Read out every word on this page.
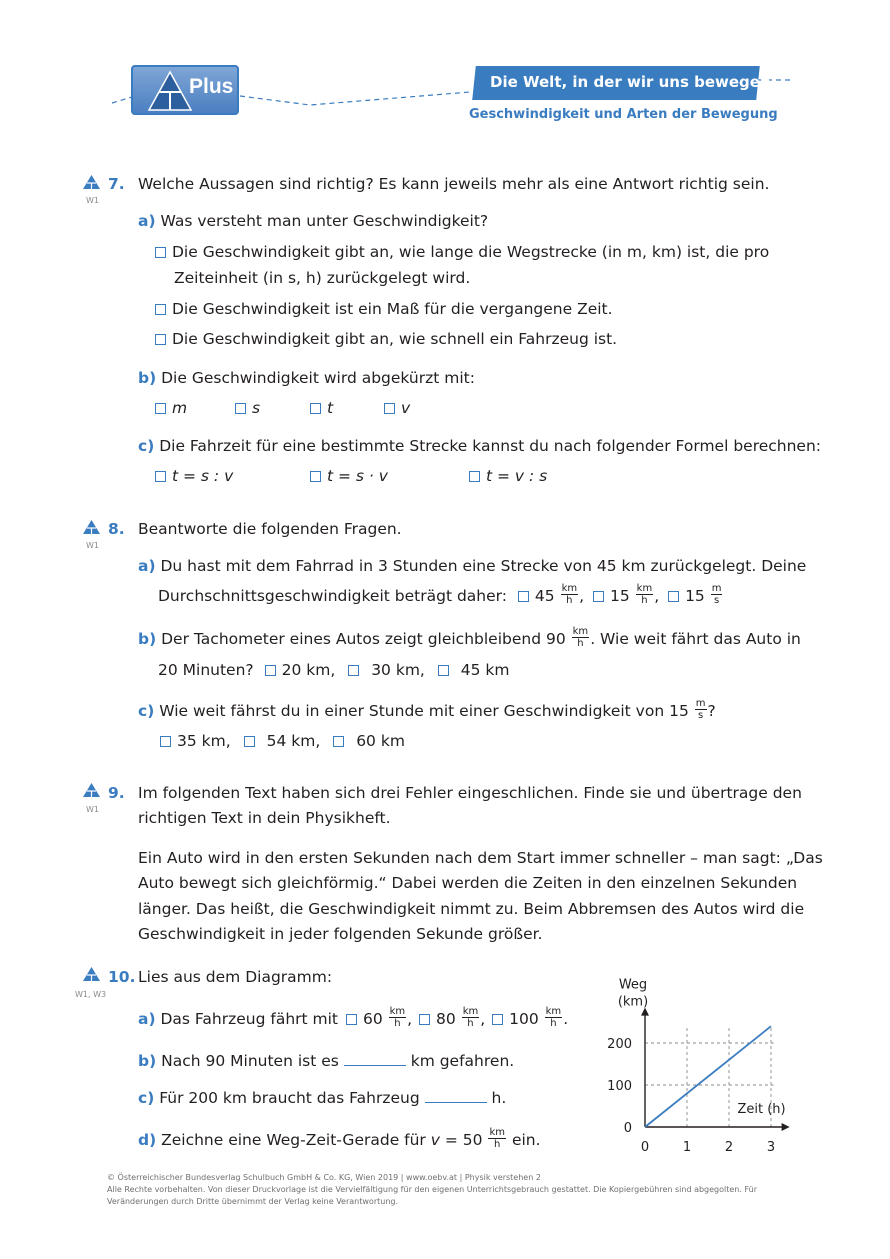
Plus	Die Welt, in der wir uns bewegen
Geschwindigkeit und Arten der Bewegung
W1
7. Welche Aussagen sind richtig? Es kann jeweils mehr als eine Antwort richtig sein.
a) Was versteht man unter Geschwindigkeit?
Die Geschwindigkeit gibt an, wie lange die Wegstrecke (in m, km) ist, die pro
Zeiteinheit (in s, h) zurückgelegt wird.
Die Geschwindigkeit ist ein Maß für die vergangene Zeit.
Die Geschwindigkeit gibt an, wie schnell ein Fahrzeug ist.
b) Die Geschwindigkeit wird abgekürzt mit:
m	s	t	v
c) Die Fahrzeit für eine bestimmte Strecke kannst du nach folgender Formel berechnen:
t = s : v	t = s · v	t = v : s
W1
8. Beantworte die folgenden Fragen.
a) Du hast mit dem Fahrrad in 3 Stunden eine Strecke von 45 km zurückgelegt. Deine
Durchschnittsgeschwindigkeit beträgt daher: $45 \frac{km}{h}$ , $15 \frac{km}{h}$ , $15 \frac{m}{s}$
b) Der Tachometer eines Autos zeigt gleichbleibend $90 \frac{km}{h}$ . Wie weit fährt das Auto in
20 Minuten? 20 km, 30 km, 45 km
c) Wie weit fährst du in einer Stunde mit einer Geschwindigkeit von $15 \frac{m}{s}$ ?
35 km, 54 km, 60 km
W1
9. Im folgenden Text haben sich drei Fehler eingeschlichen. Finde sie und übertrage den
richtigen Text in dein Physikheft.
Ein Auto wird in den ersten Sekunden nach dem Start immer schneller – man sagt: „Das
Auto bewegt sich gleichförmig.“ Dabei werden die Zeiten in den einzelnen Sekunden
länger. Das heißt, die Geschwindigkeit nimmt zu. Beim Abbremsen des Autos wird die
Geschwindigkeit in jeder folgenden Sekunde größer.
W1, W3
10. Lies aus dem Diagramm:
a) Das Fahrzeug fährt mit $60 \frac{km}{h}$ , $80 \frac{km}{h}$ , $100 \frac{km}{h}$ .
b) Nach 90 Minuten ist es	km gefahren.
c) Für 200 km braucht das Fahrzeug	h.
d) Zeichne eine Weg-Zeit-Gerade für $v = 50 \frac{km}{h}$ ein.	0	1	2	3
0
100
200
Weg
(km)
Zeit (h)
© Österreichischer Bundesverlag Schulbuch GmbH & Co. KG, Wien 2019 | www.oebv.at | Physik verstehen 2
Alle Rechte vorbehalten. Von dieser Druckvorlage ist die Vervielfältigung für den eigenen Unterrichtsgebrauch gestattet. Die Kopiergebühren sind abgegolten. Für
Veränderungen durch Dritte übernimmt der Verlag keine Verantwortung.
